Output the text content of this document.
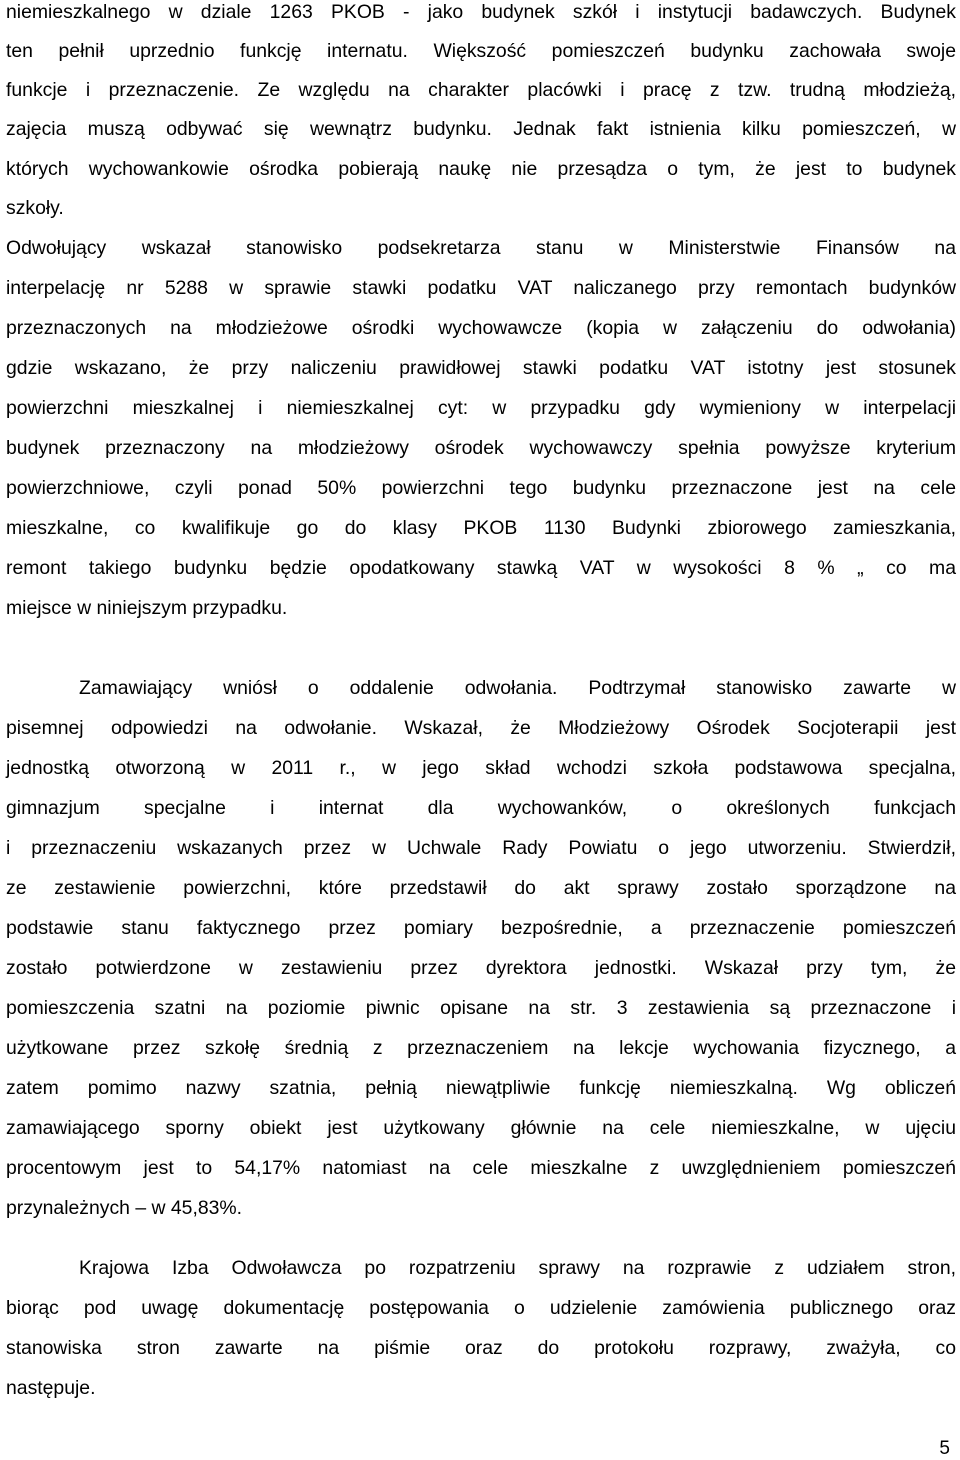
niemieszkalnego w dziale 1263 PKOB - jako budynek szkół i instytucji badawczych. Budynek
ten pełnił uprzednio funkcję internatu. Większość pomieszczeń budynku zachowała swoje
funkcje i przeznaczenie. Ze względu na charakter placówki i pracę z tzw. trudną młodzieżą,
zajęcia muszą odbywać się wewnątrz budynku. Jednak fakt istnienia kilku pomieszczeń, w
których wychowankowie ośrodka pobierają naukę nie przesądza o tym, że jest to budynek
szkoły.
Odwołujący wskazał stanowisko podsekretarza stanu w Ministerstwie Finansów na
interpelację nr 5288 w sprawie stawki podatku VAT naliczanego przy remontach budynków
przeznaczonych na młodzieżowe ośrodki wychowawcze (kopia w załączeniu do odwołania)
gdzie wskazano, że przy naliczeniu prawidłowej stawki podatku VAT istotny jest stosunek
powierzchni mieszkalnej i niemieszkalnej cyt: w przypadku gdy wymieniony w interpelacji
budynek przeznaczony na młodzieżowy ośrodek wychowawczy spełnia powyższe kryterium
powierzchniowe, czyli ponad 50% powierzchni tego budynku przeznaczone jest na cele
mieszkalne, co kwalifikuje go do klasy PKOB 1130 Budynki zbiorowego zamieszkania,
remont takiego budynku będzie opodatkowany stawką VAT w wysokości 8 % „ co ma
miejsce w niniejszym przypadku.
Zamawiający wniósł o oddalenie odwołania. Podtrzymał stanowisko zawarte w
pisemnej odpowiedzi na odwołanie. Wskazał, że Młodzieżowy Ośrodek Socjoterapii jest
jednostką otworzoną w 2011 r., w jego skład wchodzi szkoła podstawowa specjalna,
gimnazjum specjalne i internat dla wychowanków, o określonych funkcjach
i przeznaczeniu wskazanych przez w Uchwale Rady Powiatu o jego utworzeniu. Stwierdził,
ze zestawienie powierzchni, które przedstawił do akt sprawy zostało sporządzone na
podstawie stanu faktycznego przez pomiary bezpośrednie, a przeznaczenie pomieszczeń
zostało potwierdzone w zestawieniu przez dyrektora jednostki. Wskazał przy tym, że
pomieszczenia szatni na poziomie piwnic opisane na str. 3 zestawienia są przeznaczone i
użytkowane przez szkołę średnią z przeznaczeniem na lekcje wychowania fizycznego, a
zatem pomimo nazwy szatnia, pełnią niewątpliwie funkcję niemieszkalną. Wg obliczeń
zamawiającego sporny obiekt jest użytkowany głównie na cele niemieszkalne, w ujęciu
procentowym jest to 54,17% natomiast na cele mieszkalne z uwzględnieniem pomieszczeń
przynależnych – w 45,83%.
Krajowa Izba Odwoławcza po rozpatrzeniu sprawy na rozprawie z udziałem stron,
biorąc pod uwagę dokumentację postępowania o udzielenie zamówienia publicznego oraz
stanowiska stron zawarte na piśmie oraz do protokołu rozprawy, zważyła, co
następuje.
5
